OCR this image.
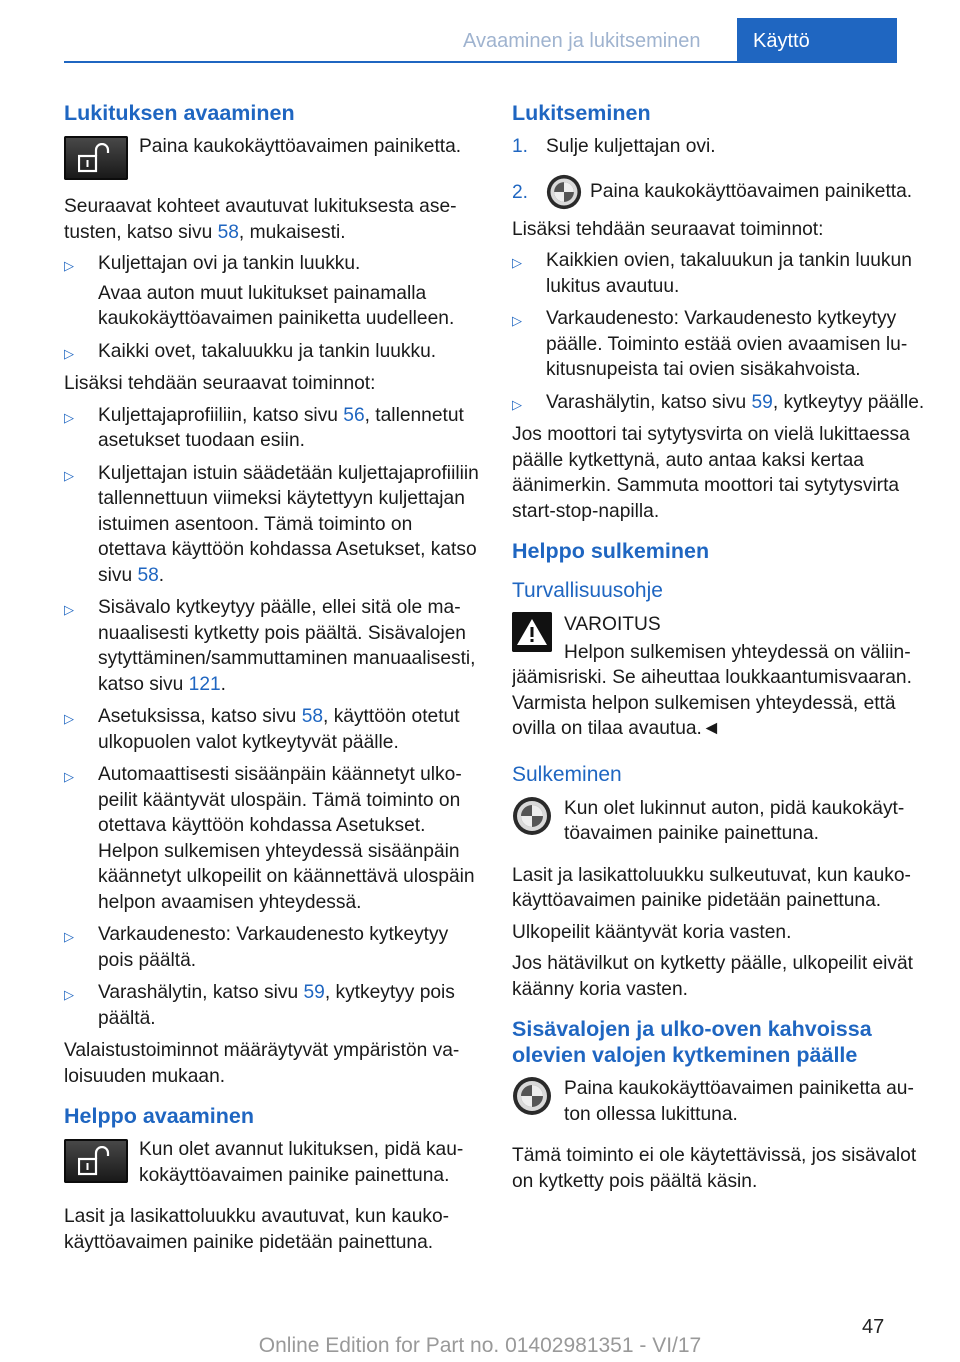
Avaaminen ja lukitseminen	Käyttö
Lukituksen avaaminen

Paina kaukokäyttöavaimen painiketta.

Seuraavat kohteet avautuvat lukituksesta asetusten, katso sivu 58, mukaisesti.

▷ Kuljettajan ovi ja tankin luukku.

Avaa auton muut lukitukset painamalla kaukokäyttöavaimen painiketta uudelleen.

▷ Kaikki ovet, takaluukku ja tankin luukku.

Lisäksi tehdään seuraavat toiminnot:

▷ Kuljettajaprofiiliin, katso sivu 56, tallennetut asetukset tuodaan esiin.
▷ Kuljettajan istuin säädetään kuljettajaprofiiliin tallennettuun viimeksi käytettyyn kuljettajan istuimen asentoon. Tämä toiminto on otettava käyttöön kohdassa Asetukset, katso sivu 58.
▷ Sisävalo kytkeytyy päälle, ellei sitä ole manuaalisesti kytketty pois päältä. Sisävalojen sytyttäminen/sammuttaminen manuaalisesti, katso sivu 121.
▷ Asetuksissa, katso sivu 58, käyttöön otetut ulkopuolen valot kytkeytyvät päälle.
▷ Automaattisesti sisäänpäin käännetyt ulkopeilit kääntyvät ulospäin. Tämä toiminto on otettava käyttöön kohdassa Asetukset. Helpon sulkemisen yhteydessä sisäänpäin käännetyt ulkopeilit on käännettävä ulospäin helpon avaamisen yhteydessä.
▷ Varkaudenesto: Varkaudenesto kytkeytyy pois päältä.
▷ Varashälytin, katso sivu 59, kytkeytyy pois päältä.

Valaistustoiminnot määräytyvät ympäristön valoisuuden mukaan.

Helppo avaaminen

Kun olet avannut lukituksen, pidä kaukokäyttöavaimen painike painettuna.

Lasit ja lasikattoluukku avautuvat, kun kaukokäyttöavaimen painike pidetään painettuna.

Lukitseminen
1. Sulje kuljettajan ovi.
2.	Paina kaukokäyttöavaimen painiketta.

Lisäksi tehdään seuraavat toiminnot:

▷ Kaikkien ovien, takaluukun ja tankin luukun lukitus avautuu.
▷ Varkaudenesto: Varkaudenesto kytkeytyy päälle. Toiminto estää ovien avaamisen lukitusnupeista tai ovien sisäkahvoista.
▷ Varashälytin, katso sivu 59, kytkeytyy päälle.

Jos moottori tai sytytysvirta on vielä lukittaessa päälle kytkettynä, auto antaa kaksi kertaa äänimerkin. Sammuta moottori tai sytytysvirta start-stop-napilla.

Helppo sulkeminen
Turvallisuusohje

VAROITUS

Helpon sulkemisen yhteydessä on väliinjäämisriski. Se aiheuttaa loukkaantumisvaaran. Varmista helpon sulkemisen yhteydessä, että ovilla on tilaa avautua.◄

Sulkeminen

Kun olet lukinnut auton, pidä kaukokäyttöavaimen painike painettuna.

Lasit ja lasikattoluukku sulkeutuvat, kun kaukokäyttöavaimen painike pidetään painettuna.

Ulkopeilit kääntyvät koria vasten.

Jos hätävilkut on kytketty päälle, ulkopeilit eivät käänny koria vasten.

Sisävalojen ja ulko-oven kahvoissa olevien valojen kytkeminen päälle

Paina kaukokäyttöavaimen painiketta auton ollessa lukittuna.

Tämä toiminto ei ole käytettävissä, jos sisävalot on kytketty pois päältä käsin.

47
Online Edition for Part no. 01402981351 - VI/17
